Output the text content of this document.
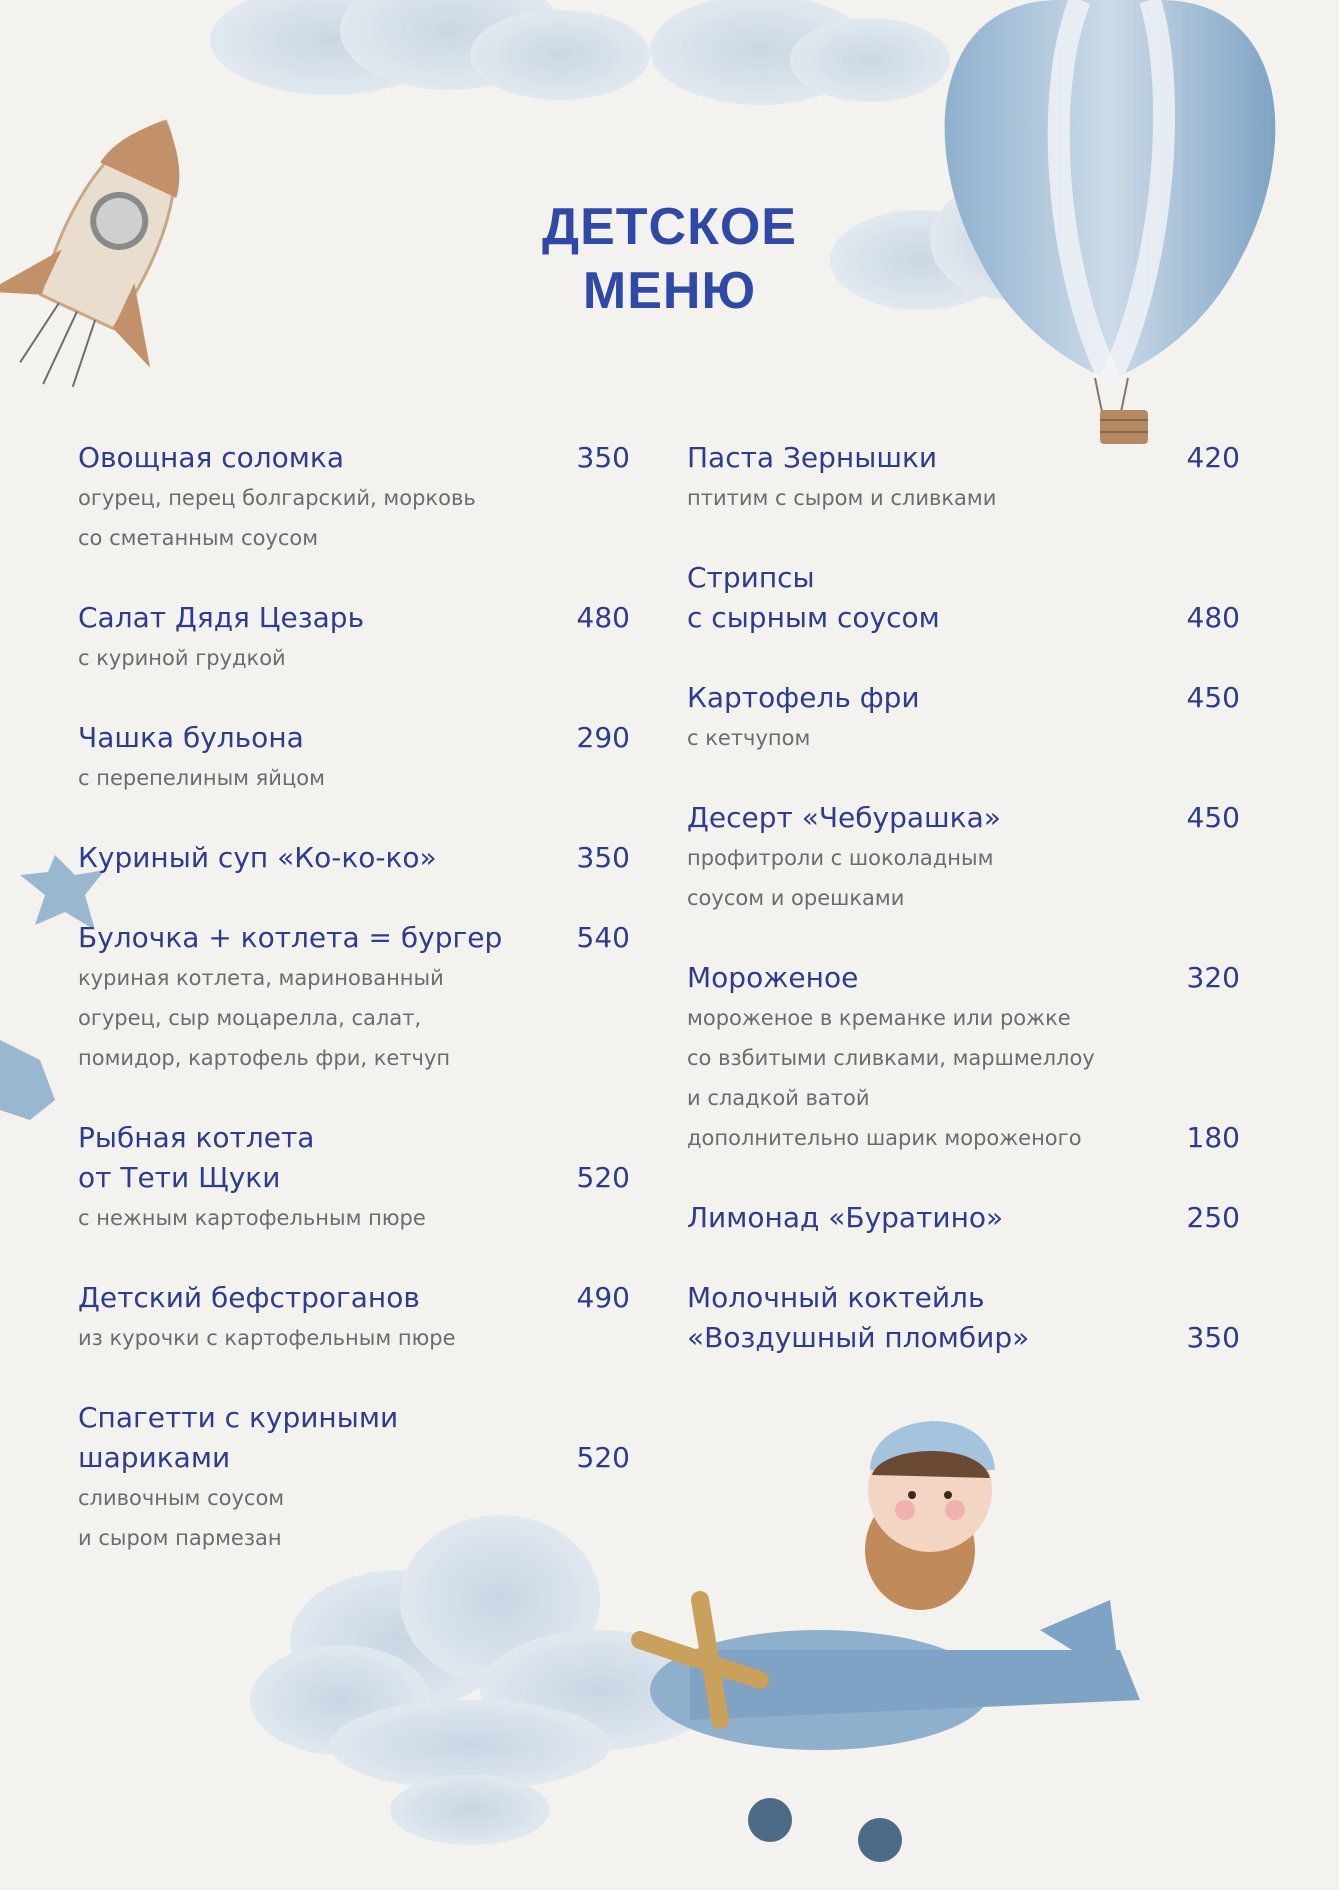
ДЕТСКОЕ
МЕНЮ
Овощная соломка	350
огурец, перец болгарский, морковь
со сметанным соусом
Салат Дядя Цезарь	480
с куриной грудкой
Чашка бульона	290
с перепелиным яйцом
Куриный суп «Ко-ко-ко»	350
Булочка + котлета = бургер	540
куриная котлета, маринованный
огурец, сыр моцарелла, салат,
помидор, картофель фри, кетчуп
Рыбная котлета
от Тети Щуки	520
с нежным картофельным пюре
Детский бефстроганов	490
из курочки с картофельным пюре
Спагетти с куриными
шариками	520
сливочным соусом
и сыром пармезан
Паста Зернышки	420
птитим с сыром и сливками
Стрипсы
с сырным соусом	480
Картофель фри	450
с кетчупом
Десерт «Чебурашка»	450
профитроли с шоколадным
соусом и орешками
Мороженое	320
мороженое в креманке или рожке
со взбитыми сливками, маршмеллоу
и сладкой ватой
дополнительно шарик мороженого	180
Лимонад «Буратино»	250
Молочный коктейль
«Воздушный пломбир»	350
